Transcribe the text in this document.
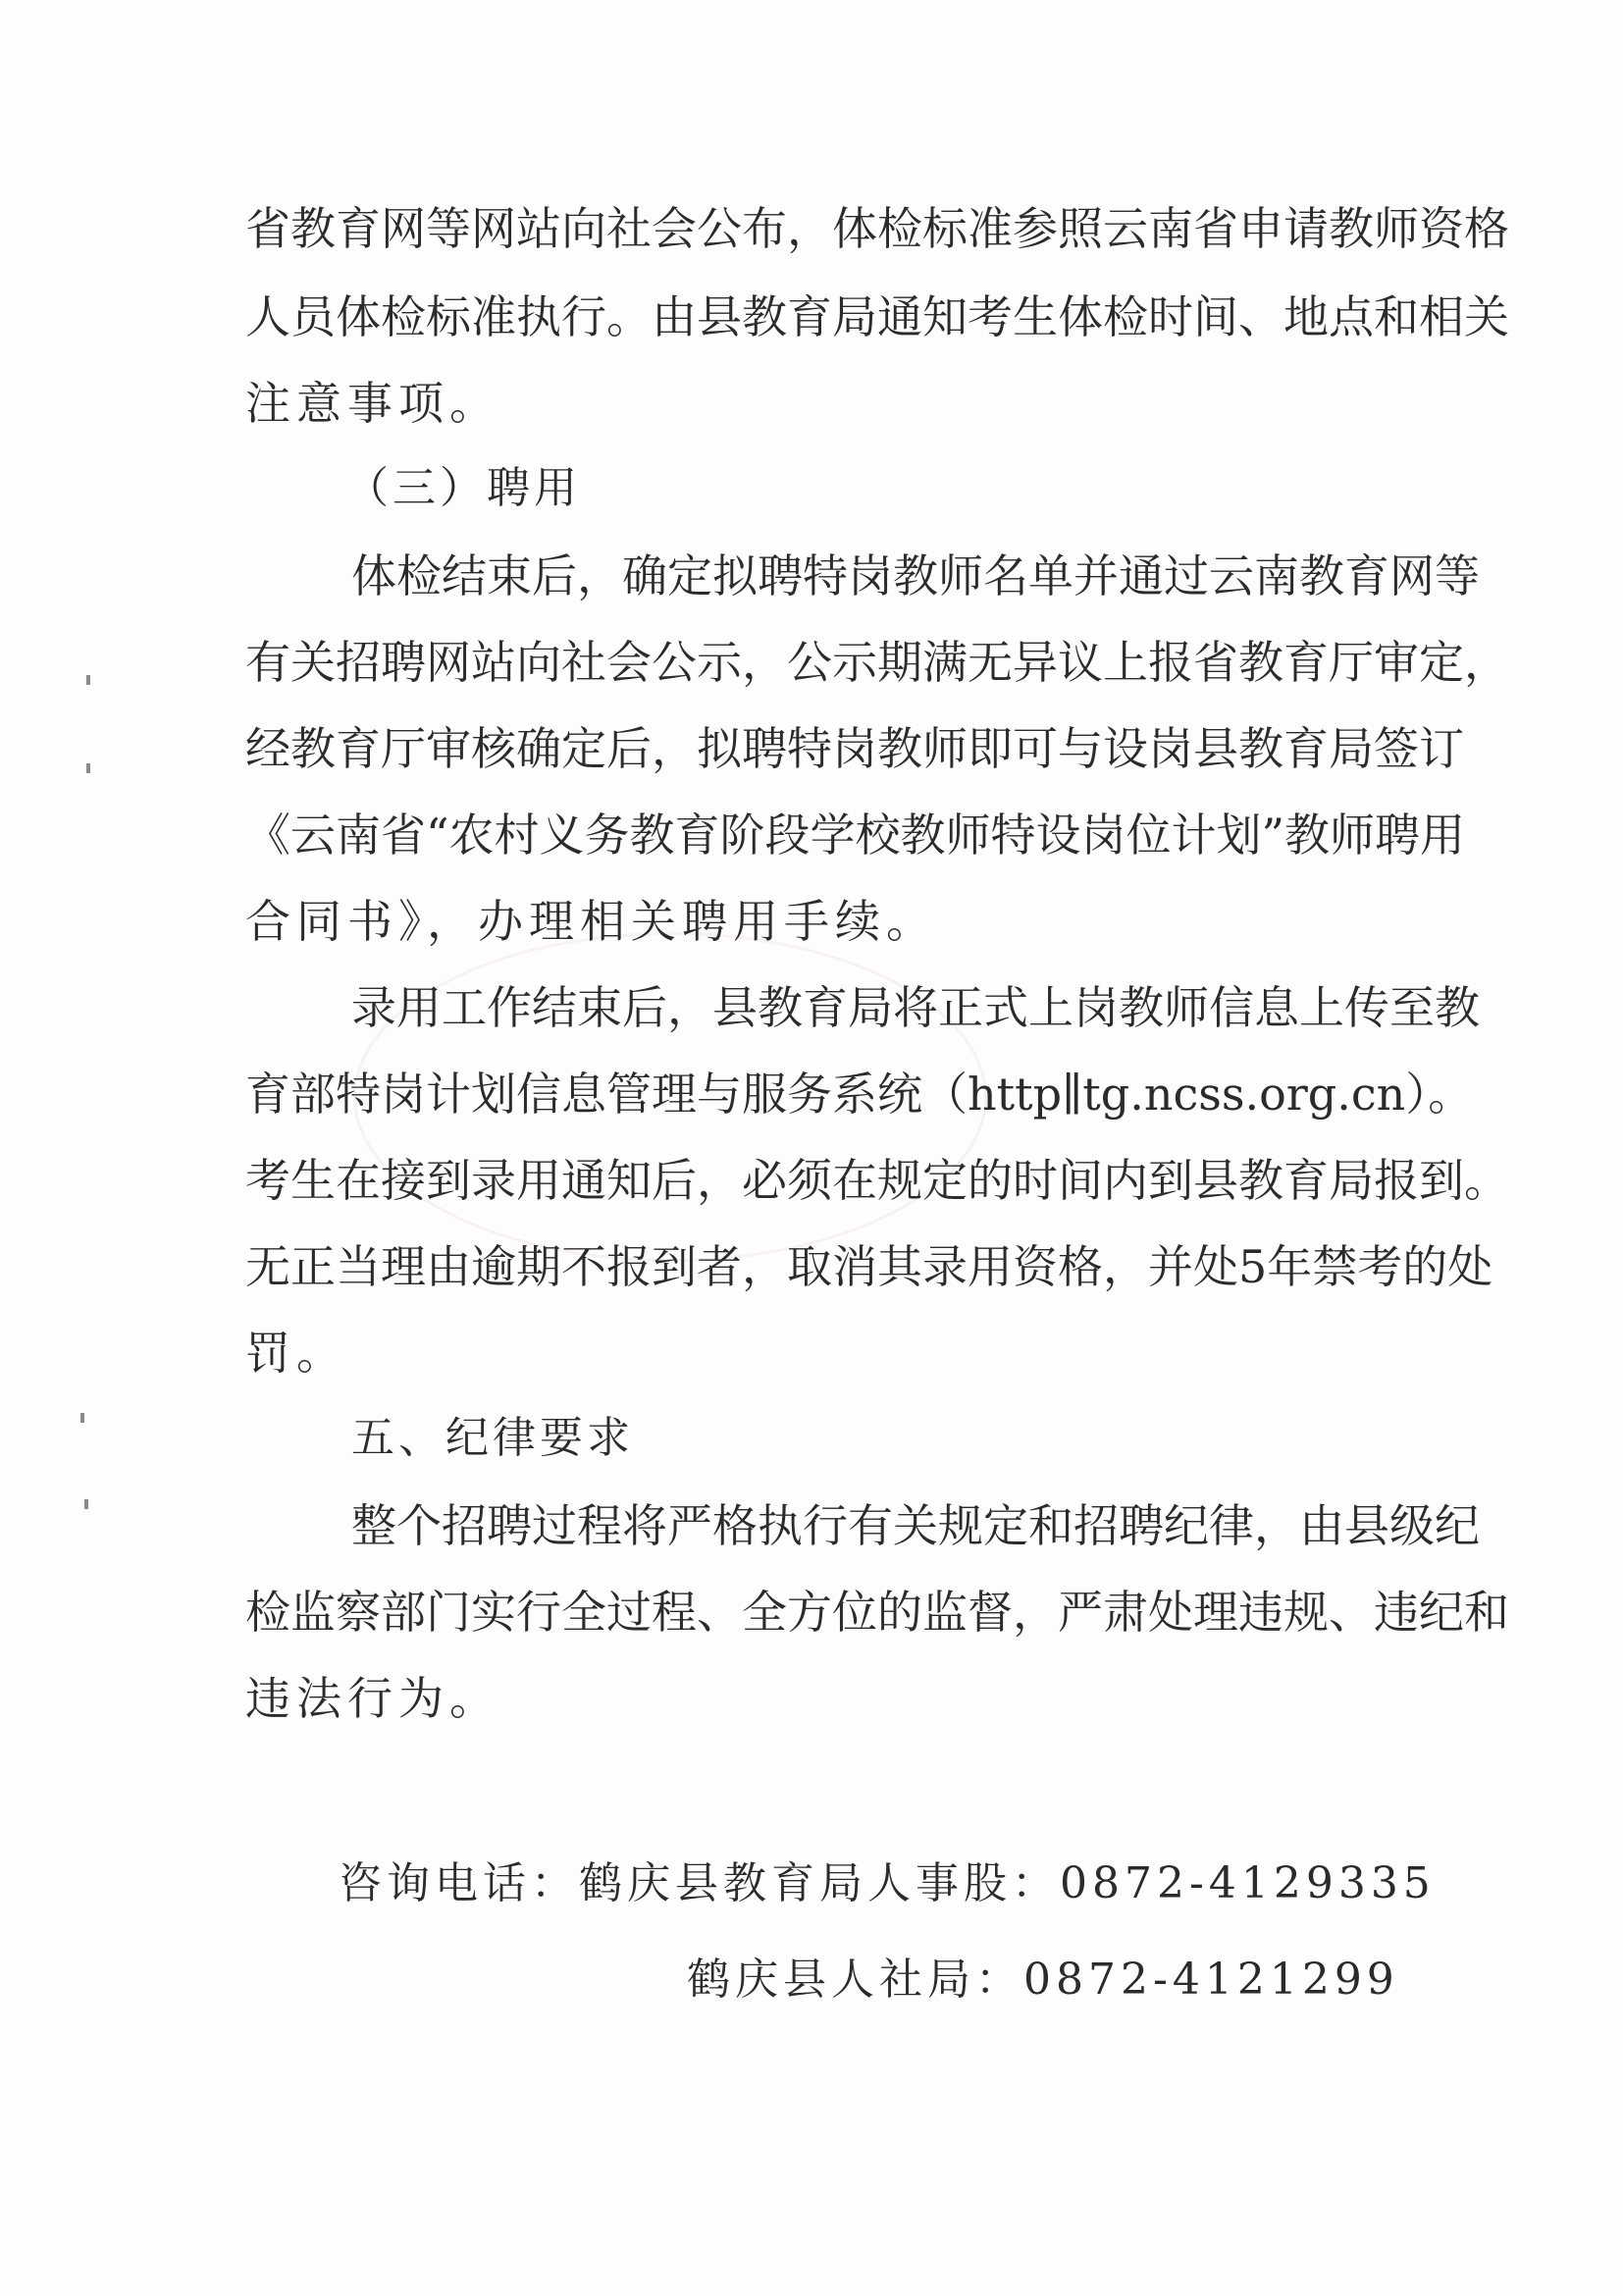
省教育网等网站向社会公布，体检标准参照云南省申请教师资格
人员体检标准执行。由县教育局通知考生体检时间、地点和相关
注意事项。
（三）聘用
体检结束后，确定拟聘特岗教师名单并通过云南教育网等
有关招聘网站向社会公示，公示期满无异议上报省教育厅审定，
经教育厅审核确定后，拟聘特岗教师即可与设岗县教育局签订
《云南省“农村义务教育阶段学校教师特设岗位计划”教师聘用
合同书》，办理相关聘用手续。
录用工作结束后，县教育局将正式上岗教师信息上传至教
育部特岗计划信息管理与服务系统（http∥tg.ncss.org.cn）。
考生在接到录用通知后，必须在规定的时间内到县教育局报到。
无正当理由逾期不报到者，取消其录用资格，并处5年禁考的处
罚。
五、纪律要求
整个招聘过程将严格执行有关规定和招聘纪律，由县级纪
检监察部门实行全过程、全方位的监督，严肃处理违规、违纪和
违法行为。
咨询电话：鹤庆县教育局人事股：0872-4129335
鹤庆县人社局：0872-4121299
